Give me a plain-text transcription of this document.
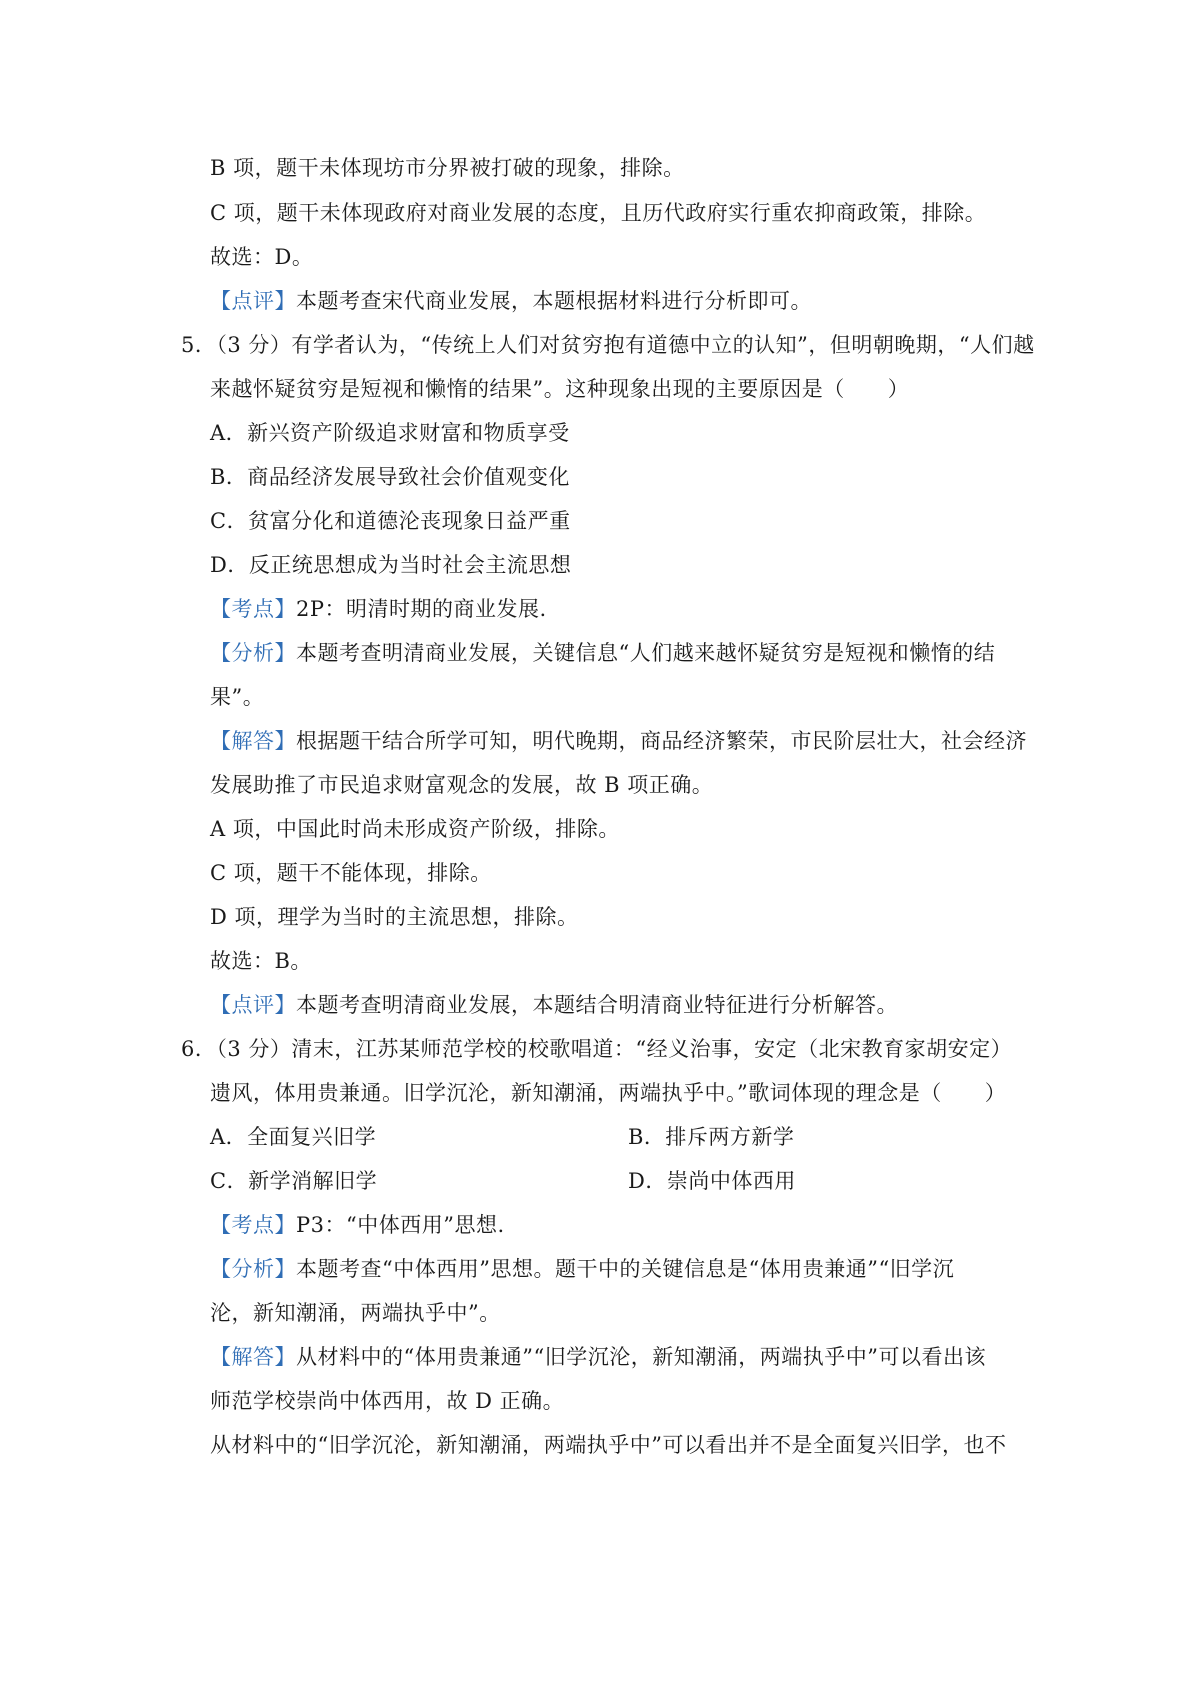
B 项，题干未体现坊市分界被打破的现象，排除。
C 项，题干未体现政府对商业发展的态度，且历代政府实行重农抑商政策，排除。
故选：D。
【点评】本题考查宋代商业发展，本题根据材料进行分析即可。
5．（3 分）有学者认为，“传统上人们对贫穷抱有道德中立的认知”，但明朝晚期，“人们越
来越怀疑贫穷是短视和懒惰的结果”。这种现象出现的主要原因是（　　）
A．新兴资产阶级追求财富和物质享受
B．商品经济发展导致社会价值观变化
C．贫富分化和道德沦丧现象日益严重
D．反正统思想成为当时社会主流思想
【考点】2P：明清时期的商业发展.
【分析】本题考查明清商业发展，关键信息“人们越来越怀疑贫穷是短视和懒惰的结
果”。
【解答】根据题干结合所学可知，明代晚期，商品经济繁荣，市民阶层壮大，社会经济
发展助推了市民追求财富观念的发展，故 B 项正确。
A 项，中国此时尚未形成资产阶级，排除。
C 项，题干不能体现，排除。
D 项，理学为当时的主流思想，排除。
故选：B。
【点评】本题考查明清商业发展，本题结合明清商业特征进行分析解答。
6．（3 分）清末，江苏某师范学校的校歌唱道：“经义治事，安定（北宋教育家胡安定）
遗风，体用贵兼通。旧学沉沦，新知潮涌，两端执乎中。”歌词体现的理念是（　　）
A．全面复兴旧学	B．排斥两方新学
C．新学消解旧学	D．崇尚中体西用
【考点】P3：“中体西用”思想.
【分析】本题考查“中体西用”思想。题干中的关键信息是“体用贵兼通”“旧学沉
沦，新知潮涌，两端执乎中”。
【解答】从材料中的“体用贵兼通”“旧学沉沦，新知潮涌，两端执乎中”可以看出该
师范学校崇尚中体西用，故 D 正确。
从材料中的“旧学沉沦，新知潮涌，两端执乎中”可以看出并不是全面复兴旧学，也不
